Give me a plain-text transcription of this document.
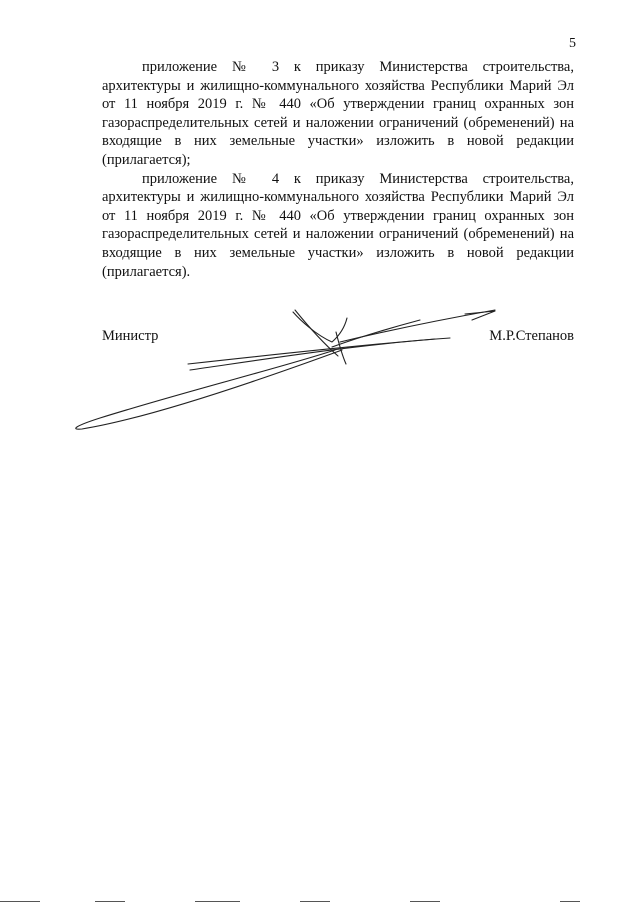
5

приложение № 3 к приказу Министерства строительства, архитектуры и жилищно-коммунального хозяйства Республики Марий Эл от 11 ноября 2019 г. № 440 «Об утверждении границ охранных зон газораспределительных сетей и наложении ограничений (обременений) на входящие в них земельные участки» изложить в новой редакции (прилагается);

приложение № 4 к приказу Министерства строительства, архитектуры и жилищно-коммунального хозяйства Республики Марий Эл от 11 ноября 2019 г. № 440 «Об утверждении границ охранных зон газораспределительных сетей и наложении ограничений (обременений) на входящие в них земельные участки» изложить в новой редакции (прилагается).

Министр	М.Р.Степанов
